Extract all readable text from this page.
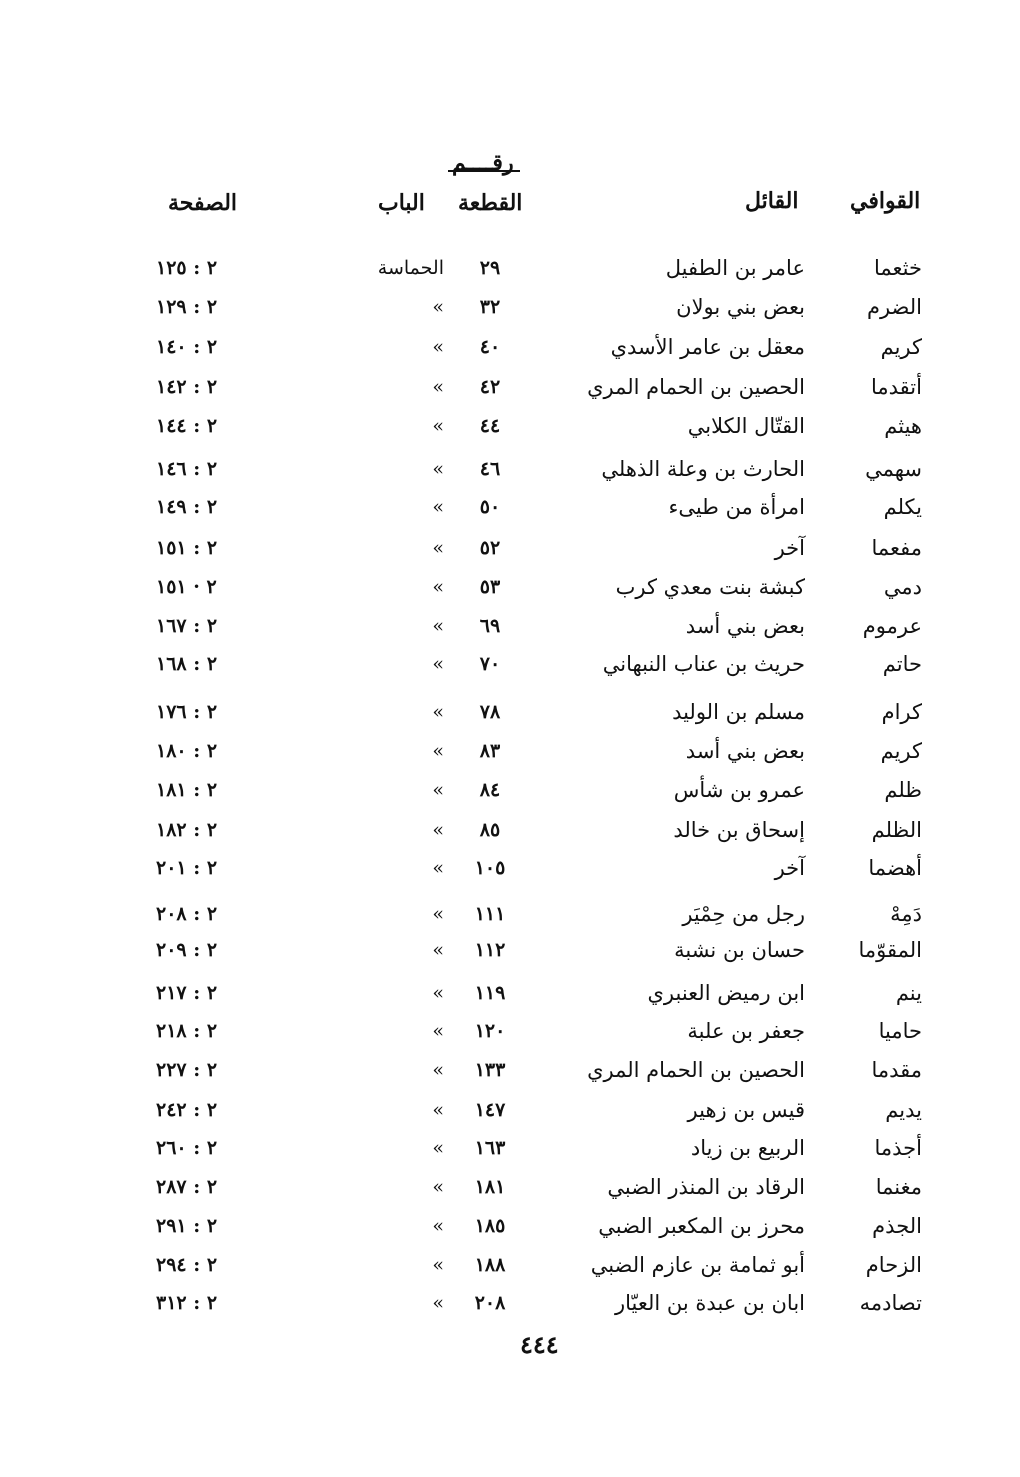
رقــــم
القوافي
القائل
القطعة
الباب
الصفحة
خثعما
عامر بن الطفيل
٢٩
الحماسة
٢ : ١٢٥
الضرم
بعض بني بولان
٣٢
»
٢ : ١٢٩
كريم
معقل بن عامر الأسدي
٤٠
»
٢ : ١٤٠
أتقدما
الحصين بن الحمام المري
٤٢
»
٢ : ١٤٢
هيثم
القتّال الكلابي
٤٤
»
٢ : ١٤٤
سهمي
الحارث بن وعلة الذهلي
٤٦
»
٢ : ١٤٦
يكلم
امرأة من طيىء
٥٠
»
٢ : ١٤٩
مفعما
آخر
٥٢
»
٢ : ١٥١
دمي
كبشة بنت معدي كرب
٥٣
»
٢ · ١٥١
عرموم
بعض بني أسد
٦٩
»
٢ : ١٦٧
حاتم
حريث بن عناب النبهاني
٧٠
»
٢ : ١٦٨
كرام
مسلم بن الوليد
٧٨
»
٢ : ١٧٦
كريم
بعض بني أسد
٨٣
»
٢ : ١٨٠
ظلم
عمرو بن شأس
٨٤
»
٢ : ١٨١
الظلم
إسحاق بن خالد
٨٥
»
٢ : ١٨٢
أهضما
آخر
١٠٥
»
٢ : ٢٠١
دَمِهْ
رجل من حِمْيَر
١١١
»
٢ : ٢٠٨
المقوّما
حسان بن نشبة
١١٢
»
٢ : ٢٠٩
ينم
ابن رميض العنبري
١١٩
»
٢ : ٢١٧
حاميا
جعفر بن علبة
١٢٠
»
٢ : ٢١٨
مقدما
الحصين بن الحمام المري
١٣٣
»
٢ : ٢٢٧
يديم
قيس بن زهير
١٤٧
»
٢ : ٢٤٢
أجذما
الربيع بن زياد
١٦٣
»
٢ : ٢٦٠
مغنما
الرقاد بن المنذر الضبي
١٨١
»
٢ : ٢٨٧
الجذم
محرز بن المكعبر الضبي
١٨٥
»
٢ : ٢٩١
الزحام
أبو ثمامة بن عازم الضبي
١٨٨
»
٢ : ٢٩٤
تصادمه
ابان بن عبدة بن العيّار
٢٠٨
»
٢ : ٣١٢
٤٤٤
